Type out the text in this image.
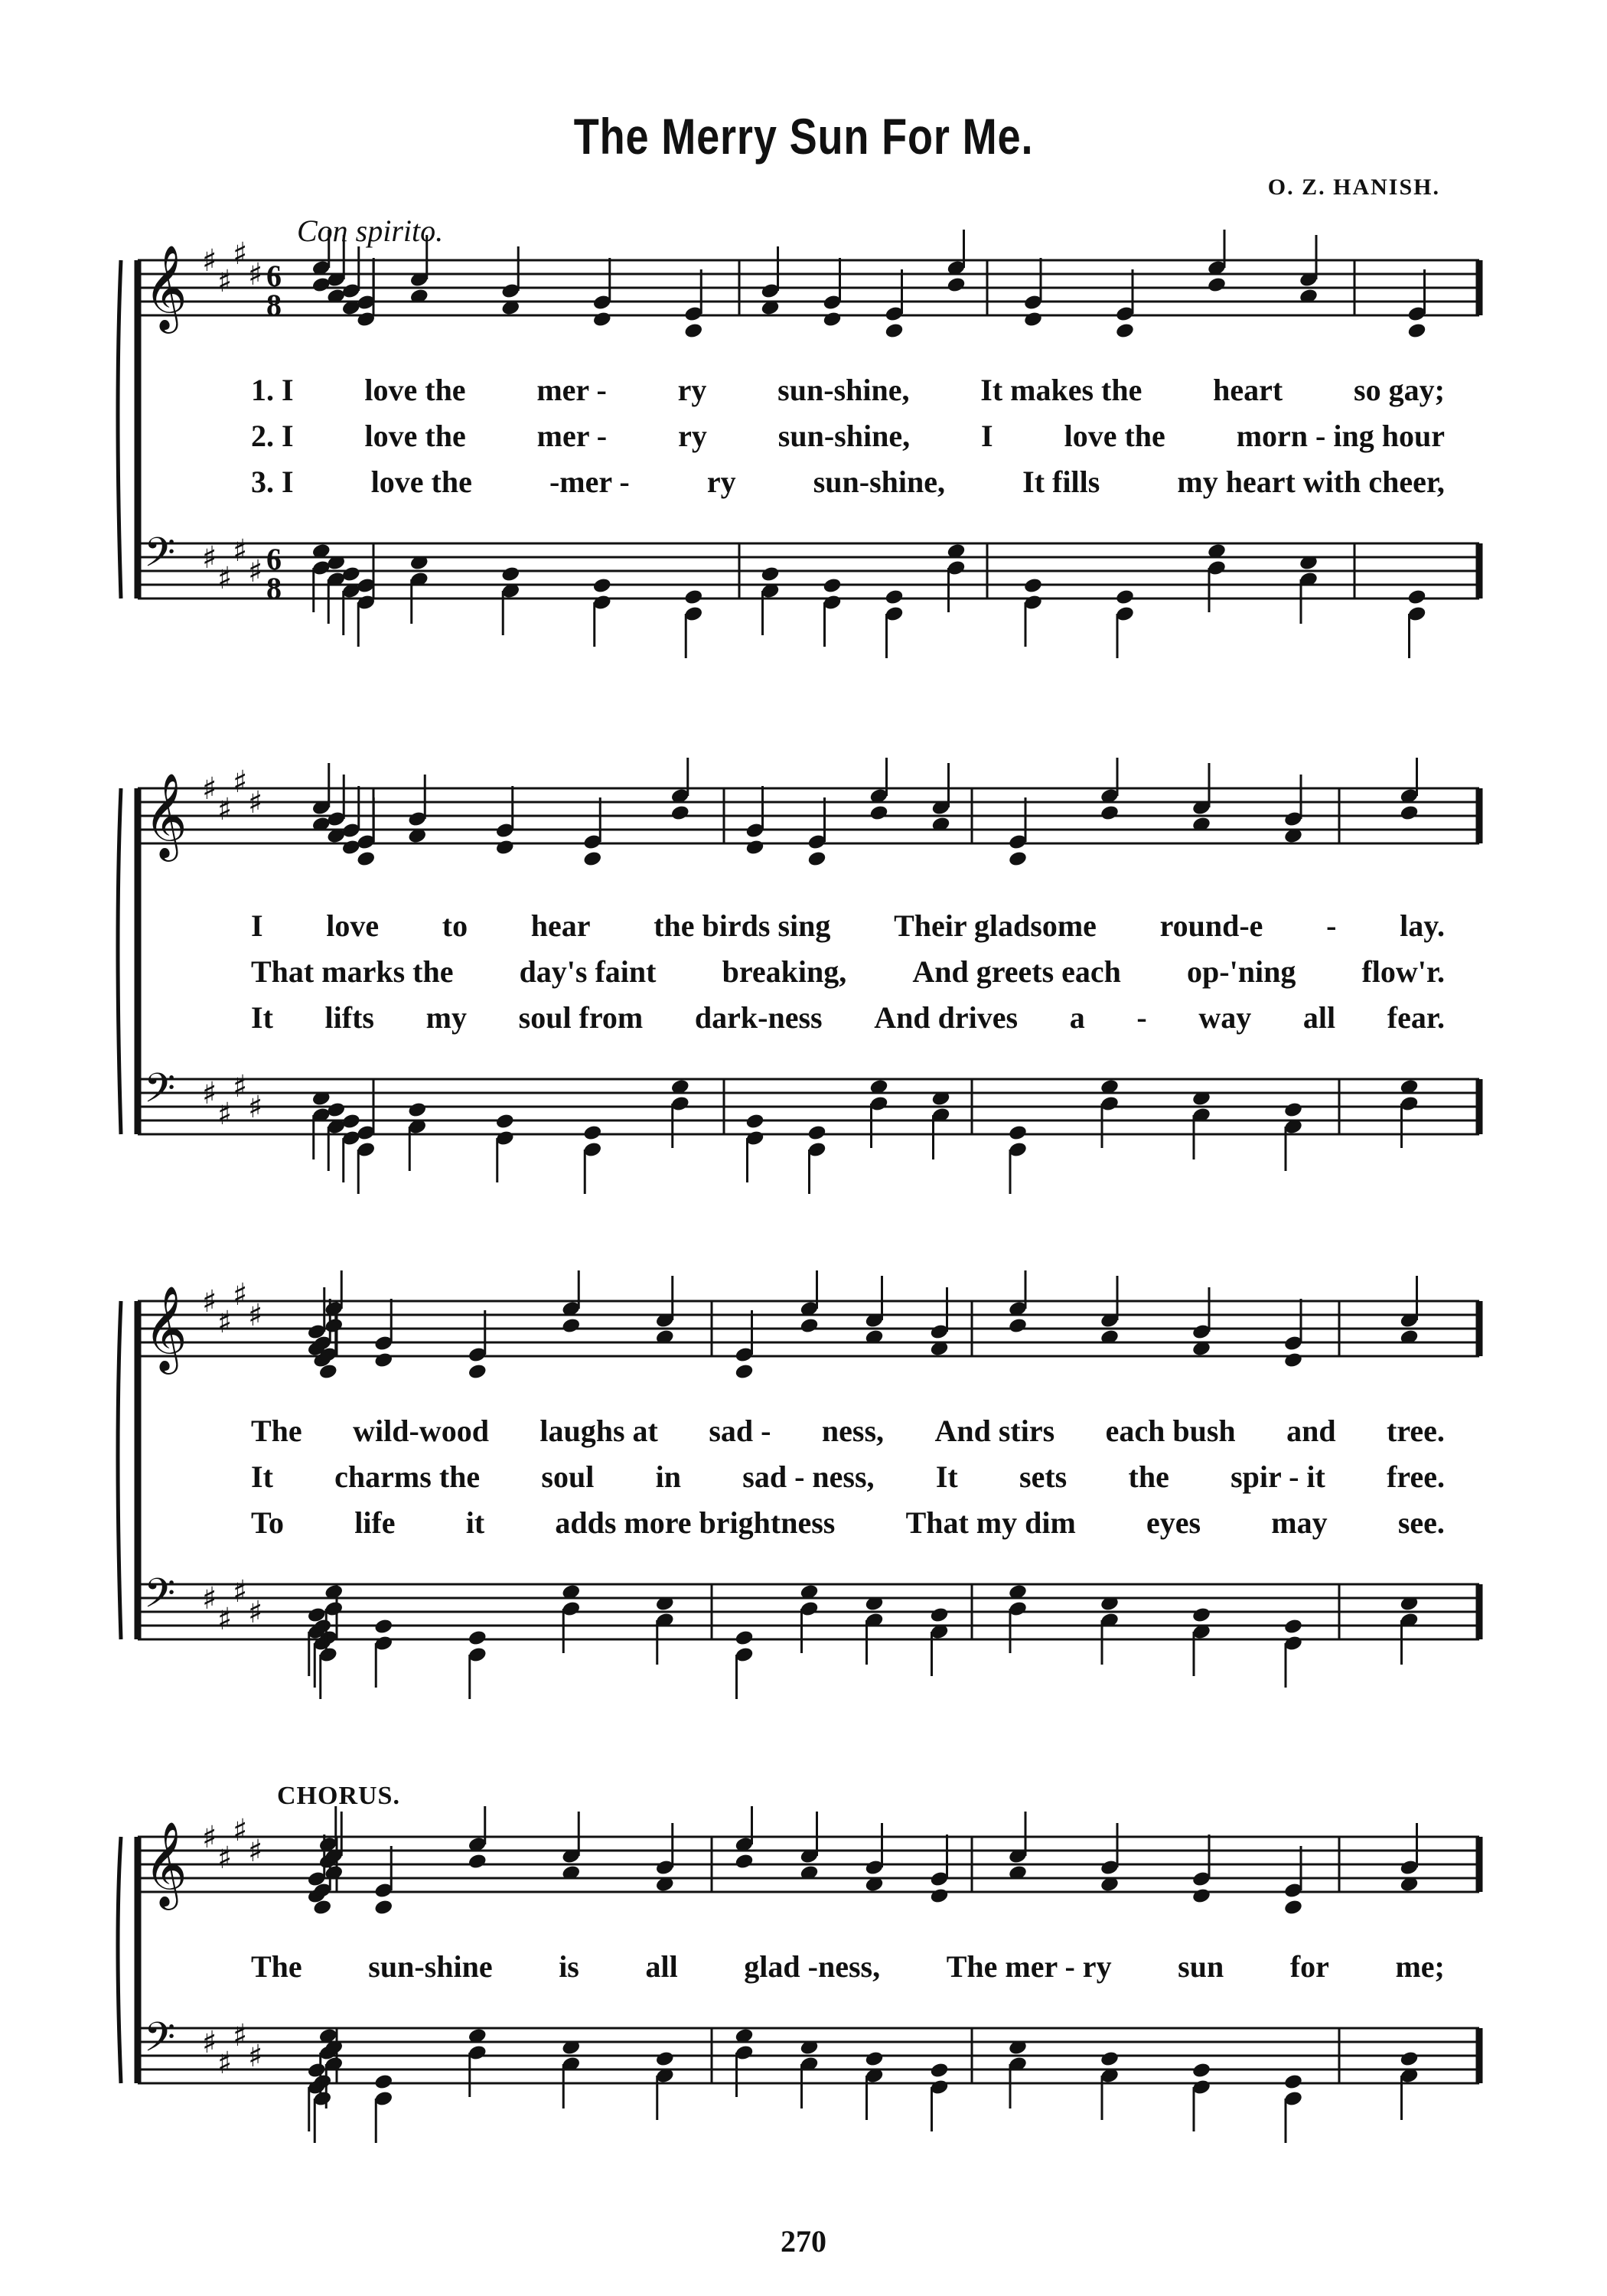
The Merry Sun For Me.

O. Z. HANISH.

Con spirito.
CHORUS.
𝄞 ♯
♯
♯
♯ 6
8
𝄢 ♯
♯
♯
♯ 6
8
1. I love the mer - ry sun-shine, It makes the heart so gay;
2. I love the mer - ry sun-shine, I love the morn - ing hour
3. I	love the	-mer -	ry	sun-shine,	It fills	my heart with cheer,
𝄞 ♯
♯
♯
♯
𝄢 ♯
♯
♯
♯
I love to hear the birds sing Their gladsome round-e - lay.
That marks the day's faint breaking, And greets each op-'ning flow'r.
It lifts my soul from dark-ness And drives a - way all fear.
𝄞 ♯
♯
♯
♯
𝄢 ♯
♯
♯
♯
The wild-wood laughs at sad - ness, And stirs each bush and tree.
It charms the soul in sad - ness, It sets the spir - it free.
To life it adds more brightness That my dim eyes may see.
𝄞 ♯
♯
♯
♯
𝄢 ♯
♯
♯
♯
The sun-shine is all glad -ness, The mer - ry sun for me;
270
